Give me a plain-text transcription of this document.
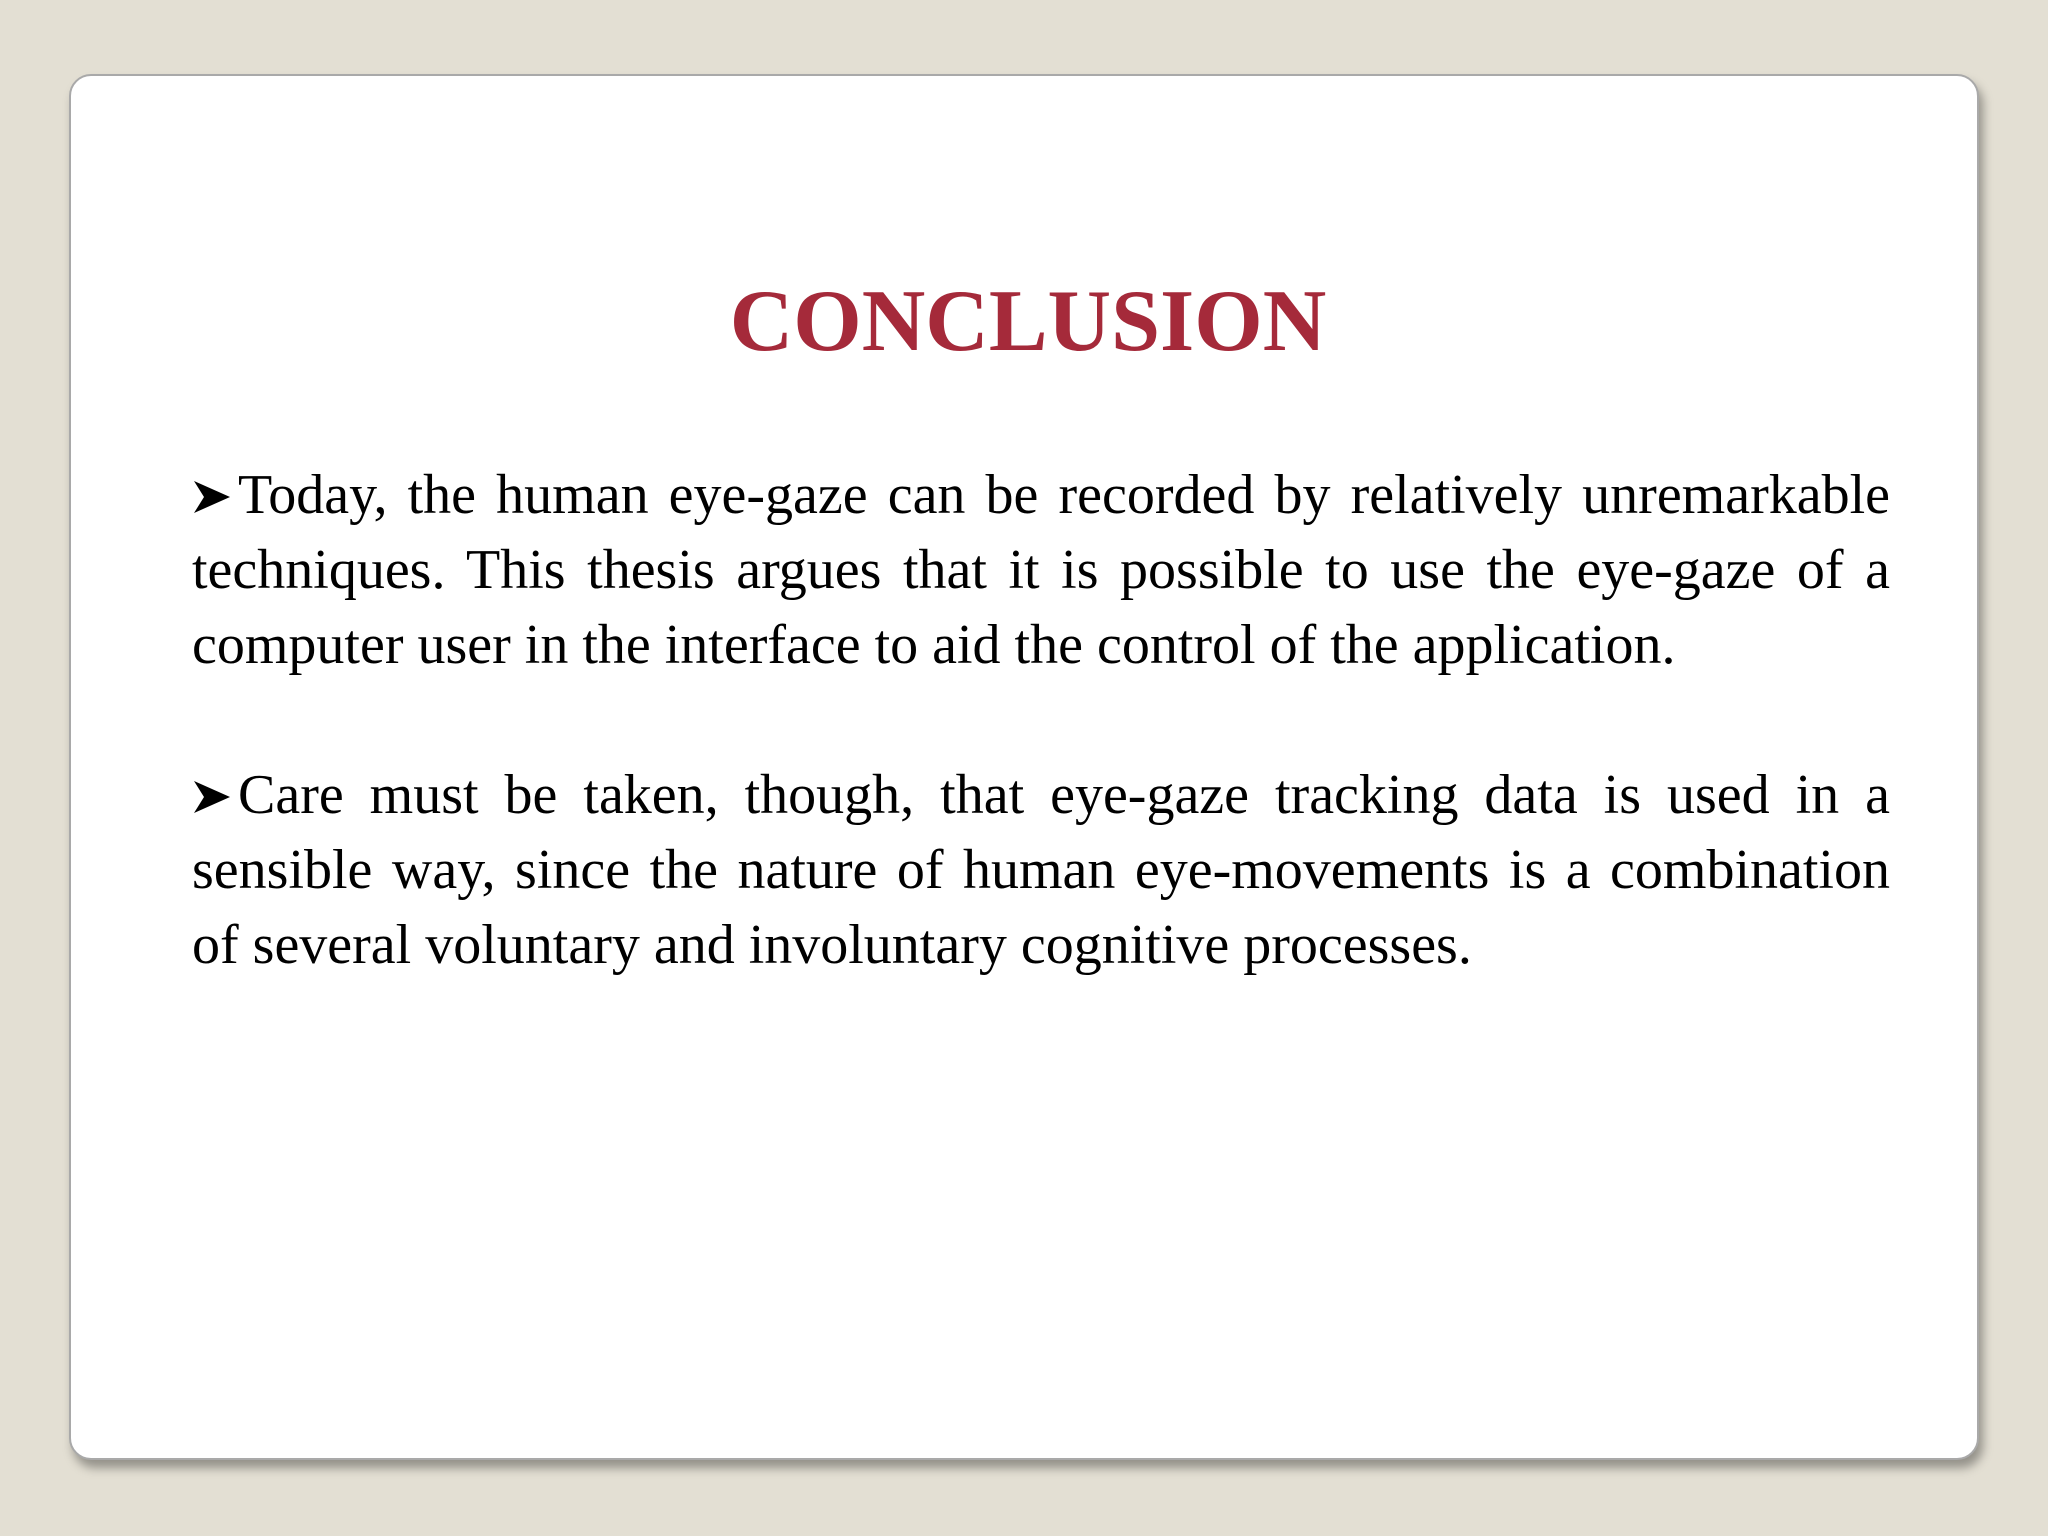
CONCLUSION
Today, the human eye-gaze can be recorded by relatively unremarkable techniques. This thesis argues that it is possible to use the eye-gaze of a computer user in the interface to aid the control of the application.
Care must be taken, though, that eye-gaze tracking data is used in a sensible way, since the nature of human eye-movements is a combination of several voluntary and involuntary cognitive processes.
